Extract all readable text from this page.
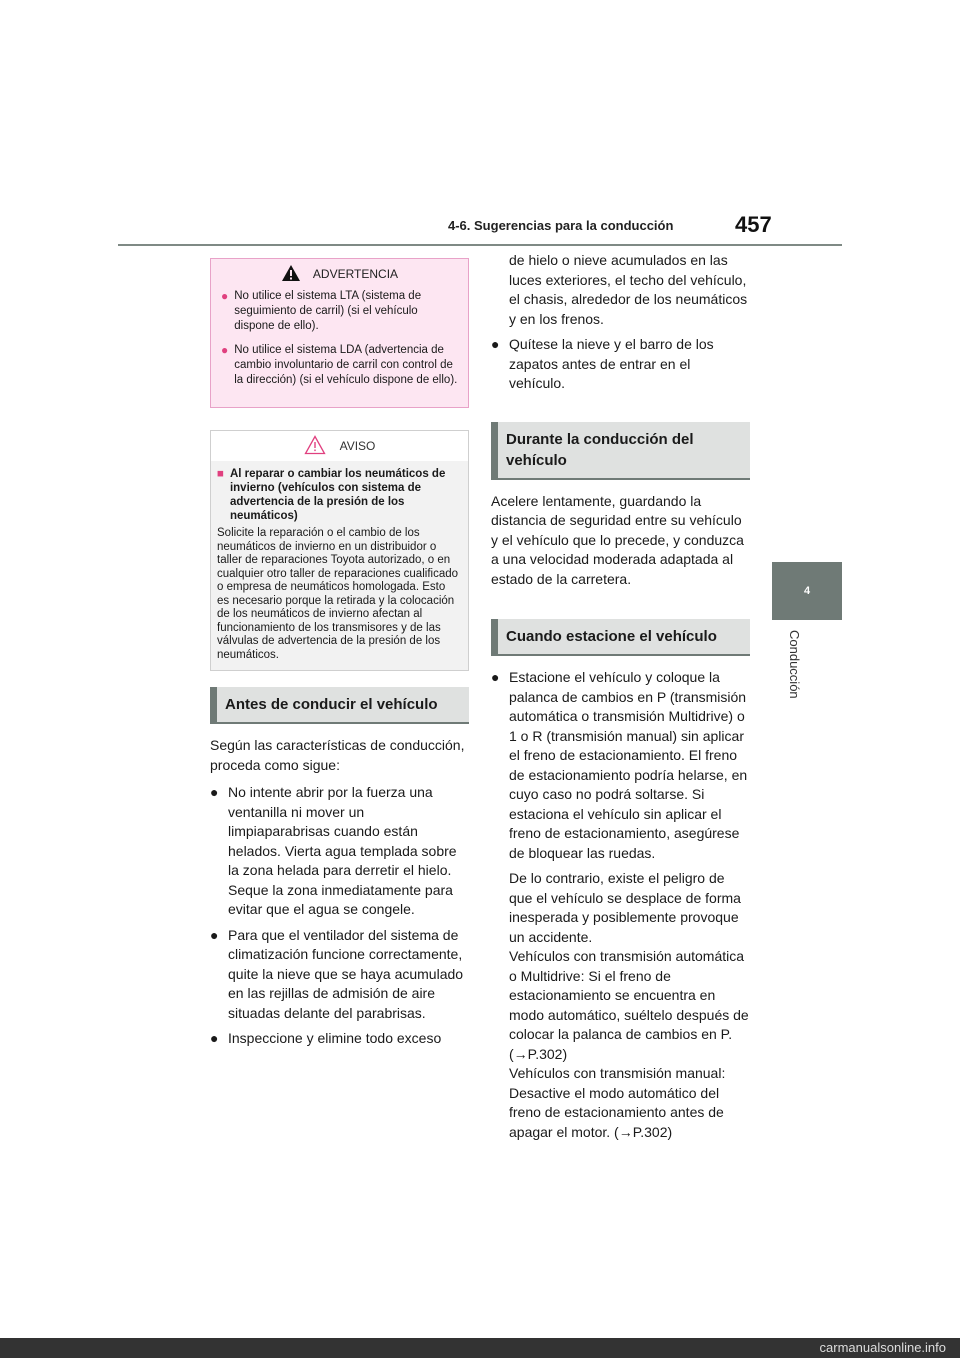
4-6. Sugerencias para la conducción	457
4
Conducción
ADVERTENCIA
● No utilice el sistema LTA (sistema de seguimiento de carril) (si el vehículo dispone de ello).
● No utilice el sistema LDA (advertencia de cambio involuntario de carril con control de la dirección) (si el vehículo dispone de ello).
AVISO
■ Al reparar o cambiar los neumáticos de invierno (vehículos con sistema de advertencia de la presión de los neumáticos)
Solicite la reparación o el cambio de los neumáticos de invierno en un distribuidor o taller de reparaciones Toyota autorizado, o en cualquier otro taller de reparaciones cualificado o empresa de neumáticos homologada. Esto es necesario porque la retirada y la colocación de los neumáticos de invierno afectan al funcionamiento de los transmisores y de las válvulas de advertencia de la presión de los neumáticos.
Antes de conducir el vehículo
Según las características de conducción, proceda como sigue:
● No intente abrir por la fuerza una ventanilla ni mover un limpiaparabrisas cuando están helados. Vierta agua templada sobre la zona helada para derretir el hielo. Seque la zona inmediatamente para evitar que el agua se congele.
● Para que el ventilador del sistema de climatización funcione correctamente, quite la nieve que se haya acumulado en las rejillas de admisión de aire situadas delante del parabrisas.
● Inspeccione y elimine todo exceso
de hielo o nieve acumulados en las luces exteriores, el techo del vehículo, el chasis, alrededor de los neumáticos y en los frenos.
● Quítese la nieve y el barro de los zapatos antes de entrar en el vehículo.
Durante la conducción del vehículo
Acelere lentamente, guardando la distancia de seguridad entre su vehículo y el vehículo que lo precede, y conduzca a una velocidad moderada adaptada al estado de la carretera.
Cuando estacione el vehículo
● Estacione el vehículo y coloque la palanca de cambios en P (transmisión automática o transmisión Multidrive) o 1 o R (transmisión manual) sin aplicar el freno de estacionamiento. El freno de estacionamiento podría helarse, en cuyo caso no podrá soltarse. Si estaciona el vehículo sin aplicar el freno de estacionamiento, asegúrese de bloquear las ruedas.
De lo contrario, existe el peligro de que el vehículo se desplace de forma inesperada y posiblemente provoque un accidente.
Vehículos con transmisión automática o Multidrive: Si el freno de estacionamiento se encuentra en modo automático, suéltelo después de colocar la palanca de cambios en P. (→P.302)
Vehículos con transmisión manual: Desactive el modo automático del freno de estacionamiento antes de apagar el motor. (→P.302)
carmanualsonline.info
